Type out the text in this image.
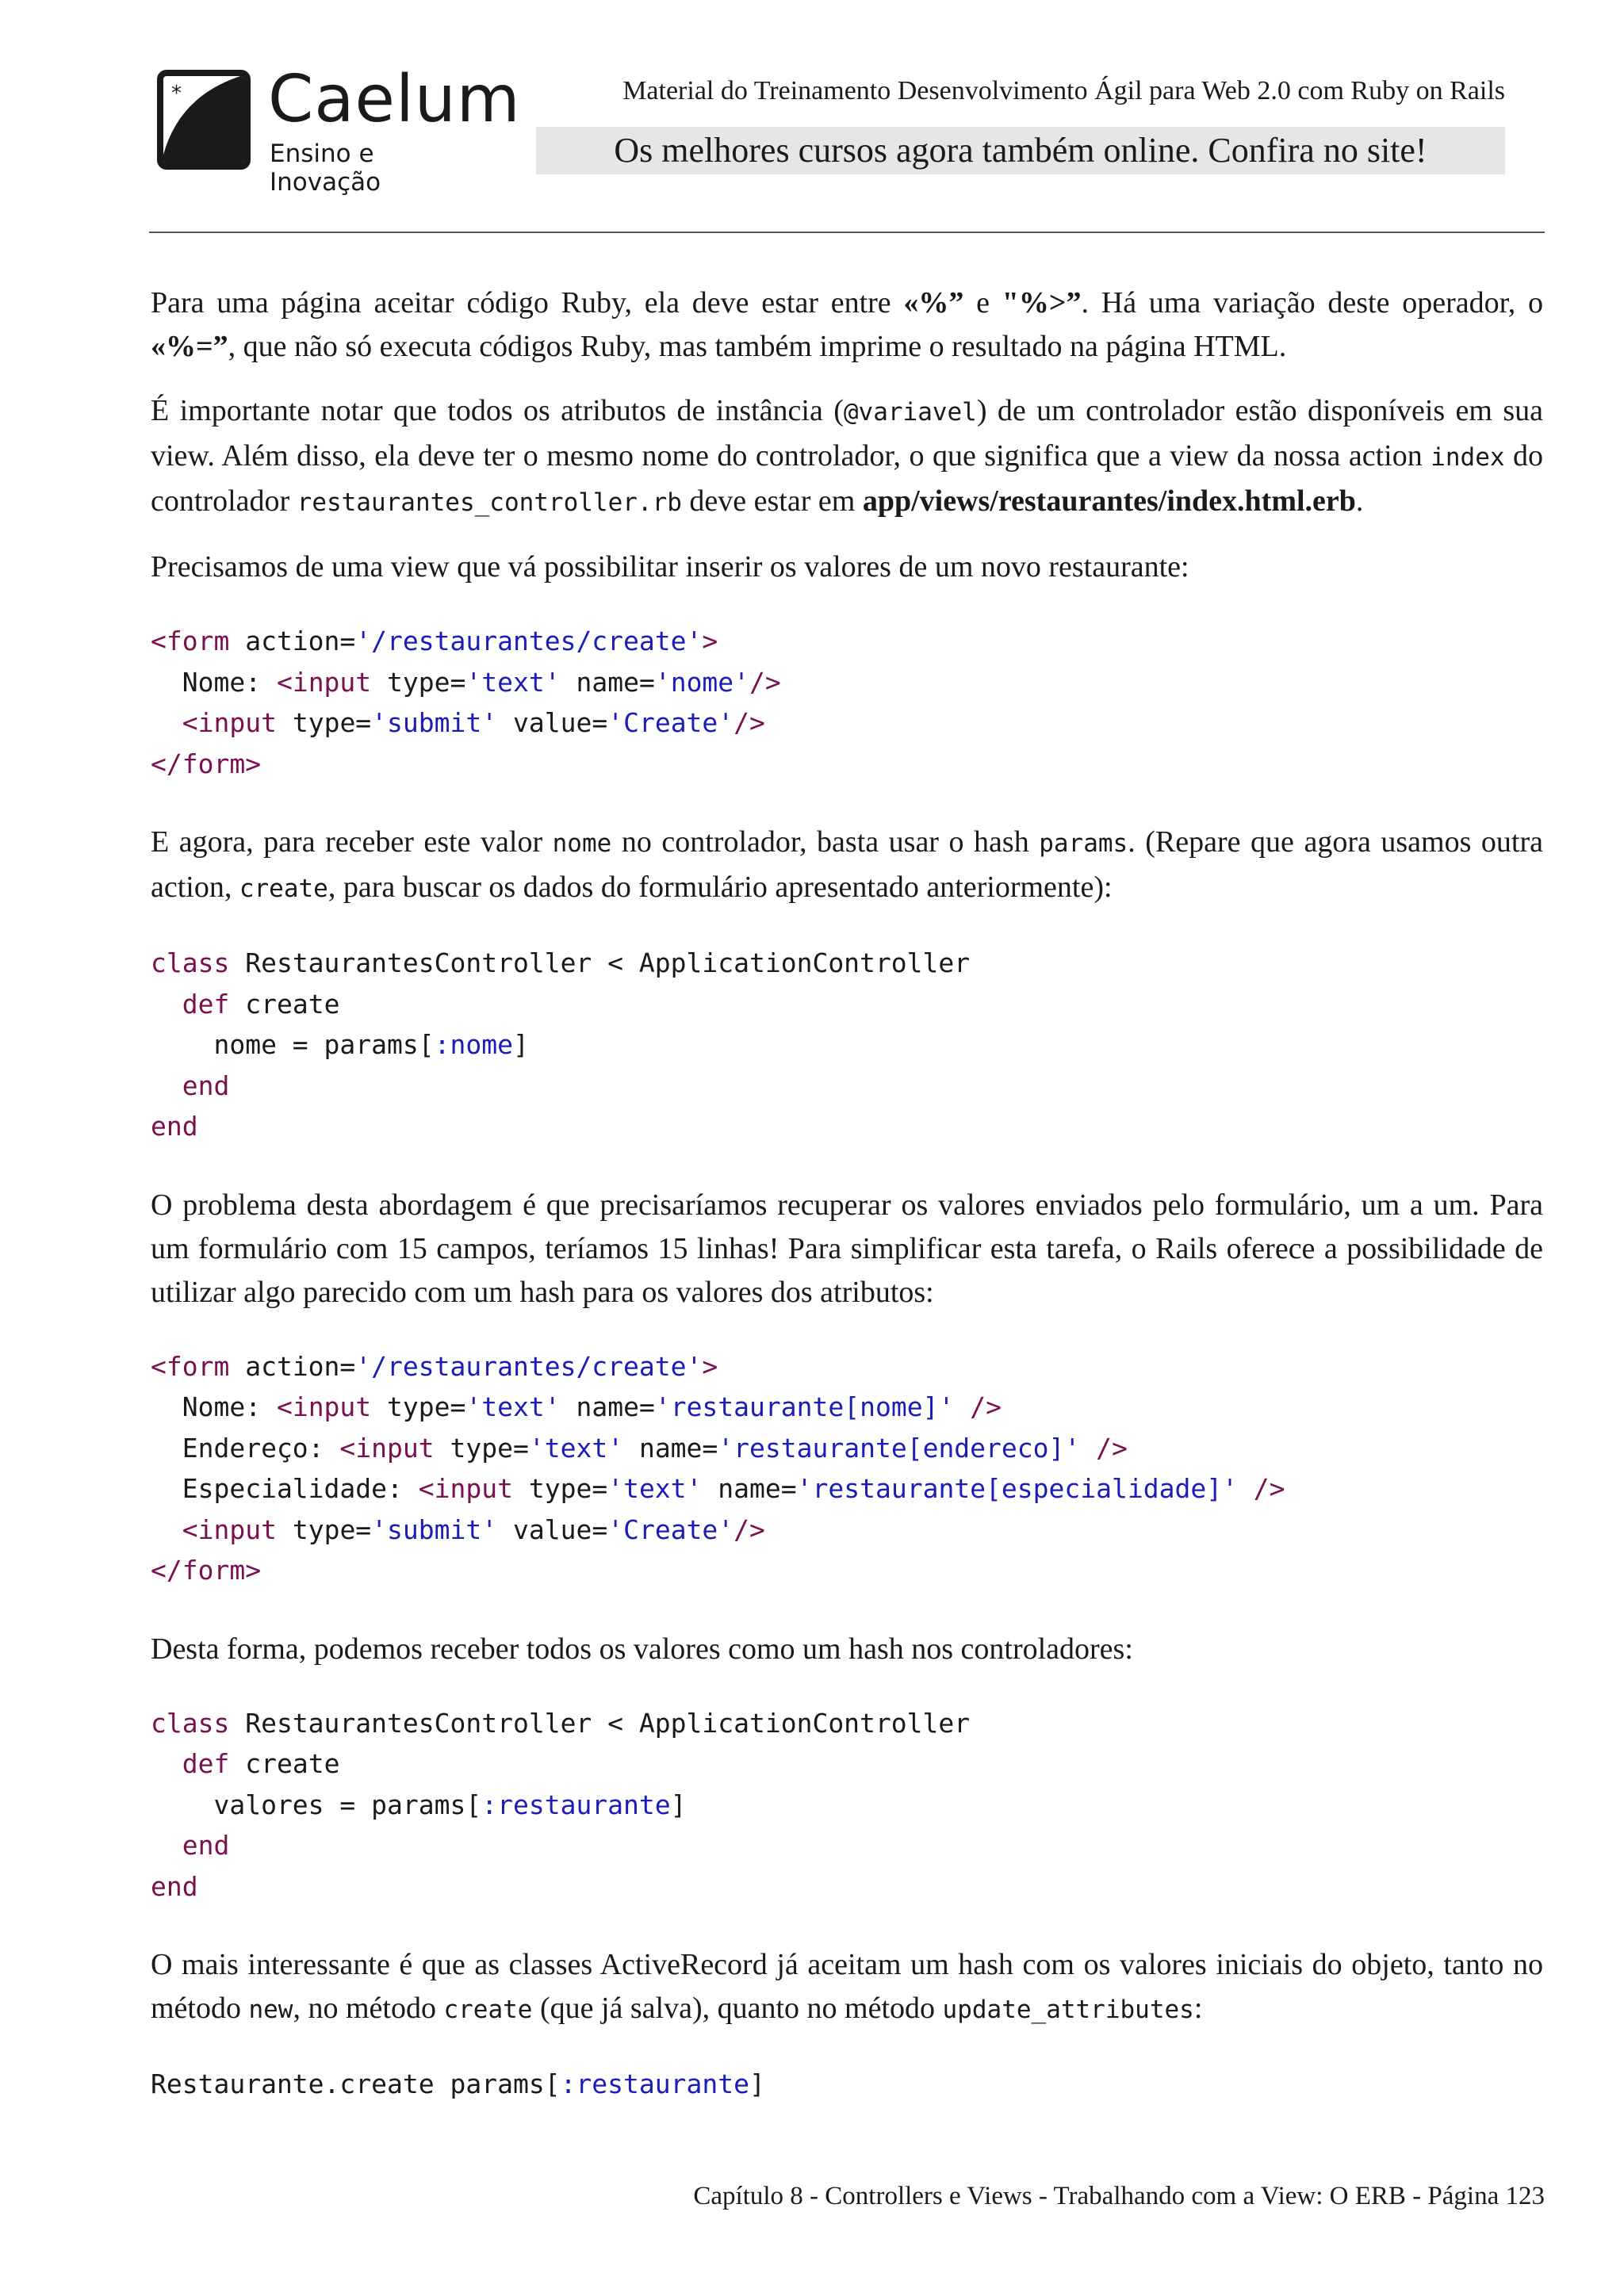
* Caelum
Ensino e Inovação
Material do Treinamento Desenvolvimento Ágil para Web 2.0 com Ruby on Rails
Os melhores cursos agora também online. Confira no site!

Para uma página aceitar código Ruby, ela deve estar entre «%” e "%>”. Há uma variação deste operador, o «%=”, que não só executa códigos Ruby, mas também imprime o resultado na página HTML.

É importante notar que todos os atributos de instância (@variavel) de um controlador estão disponíveis em sua view. Além disso, ela deve ter o mesmo nome do controlador, o que significa que a view da nossa action index do controlador restaurantes_controller.rb deve estar em app/views/restaurantes/index.html.erb.

Precisamos de uma view que vá possibilitar inserir os valores de um novo restaurante:

<form action='/restaurantes/create'>
Nome: <input type='text' name='nome'/>
<input type='submit' value='Create'/>
</form>

E agora, para receber este valor nome no controlador, basta usar o hash params. (Repare que agora usamos outra action, create, para buscar os dados do formulário apresentado anteriormente):

class RestaurantesController < ApplicationController
def create
nome = params[:nome]
end
end

O problema desta abordagem é que precisaríamos recuperar os valores enviados pelo formulário, um a um. Para um formulário com 15 campos, teríamos 15 linhas! Para simplificar esta tarefa, o Rails oferece a possibilidade de utilizar algo parecido com um hash para os valores dos atributos:

<form action='/restaurantes/create'>
Nome: <input type='text' name='restaurante[nome]' />
Endereço: <input type='text' name='restaurante[endereco]' />
Especialidade: <input type='text' name='restaurante[especialidade]' />
<input type='submit' value='Create'/>
</form>

Desta forma, podemos receber todos os valores como um hash nos controladores:

class RestaurantesController < ApplicationController
def create
valores = params[:restaurante]
end
end

O mais interessante é que as classes ActiveRecord já aceitam um hash com os valores iniciais do objeto, tanto no método new, no método create (que já salva), quanto no método update_attributes:

Restaurante.create params[:restaurante]
Capítulo 8 - Controllers e Views - Trabalhando com a View: O ERB - Página 123
